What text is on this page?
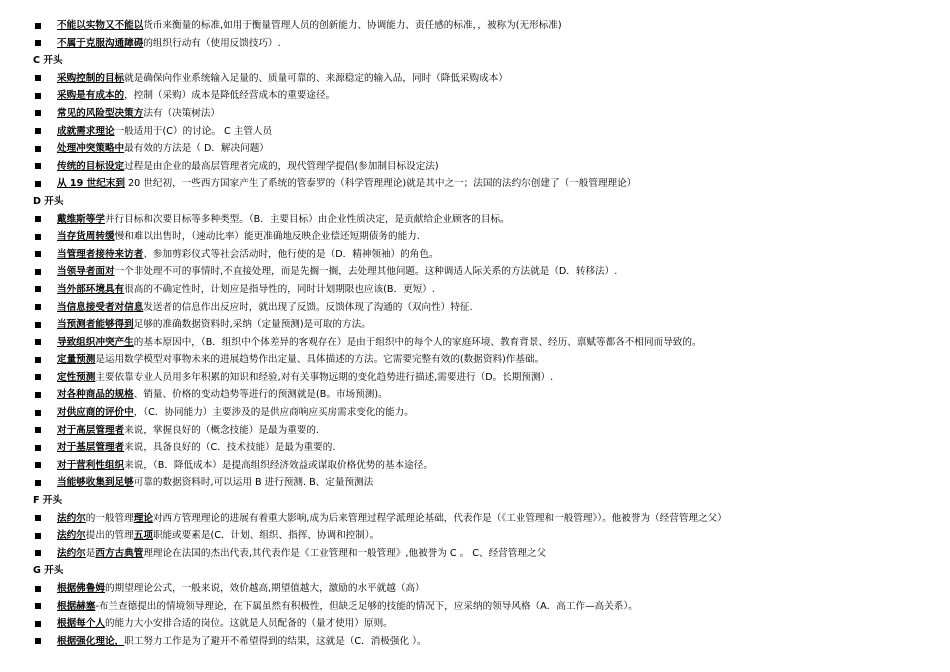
不能以实物又不能以货币来衡量的标准,如用于衡量管理人员的创新能力、协调能力、责任感的标准，，被称为(无形标准)
不属于克服沟通障碍的组织行动有（使用反馈技巧）.
C 开头
采购控制的目标就是确保向作业系统输入足量的、质量可靠的、来源稳定的输入品，同时（降低采购成本）
采购是有成本的，控制（采购）成本是降低经营成本的重要途径。
常见的风险型决策方法有（决策树法）
成就需求理论一般适用于(C）的讨论。 C 主管人员
处理冲突策略中最有效的方法是（ D．解决问题）
传统的目标设定过程是由企业的最高层管理者完成的，现代管理学提倡(参加制目标设定法)
从 19 世纪末到 20 世纪初，一些西方国家产生了系统的管泰罗的（科学管理理论)就是其中之一；法国的法约尔创建了（一般管理理论）
D 开头
戴维斯等学并行目标和次要目标等多种类型。（B．主要目标）由企业性质决定，是贡献给企业顾客的目标。
当存货周转缓慢和难以出售时，（速动比率）能更准确地反映企业偿还短期债务的能力.
当管理者接待来访者、参加剪彩仪式等社会活动时，他行使的是（D．精神领袖）的角色。
当领导者面对一个非处理不可的事情时,不直接处理，而是先搁一搁，去处理其他问题。这种调适人际关系的方法就是（D．转移法）.
当外部环境具有很高的不确定性时，计划应是指导性的，同时计划期限也应该(B．更短）.
当信息接受者对信息发送者的信息作出反应时，就出现了反馈。反馈体现了沟通的（双向性）特征.
当预测者能够得到足够的准确数据资料时,采纳（定量预测)是可取的方法。
导致组织冲突产生的基本原因中，（B．组织中个体差异的客观存在）是由于组织中的每个人的家庭环境、教育背景、经历、禀赋等都各不相同而导致的。
定量预测是运用数学模型对事物未来的进展趋势作出定量、具体描述的方法。它需要完整有效的(数据资料)作基础。
定性预测主要依靠专业人员用多年积累的知识和经验,对有关事物远期的变化趋势进行描述,需要进行（D。长期预测）.
对各种商品的规格、销量、价格的变动趋势等进行的预测就是(B。市场预测)。
对供应商的评价中，（C．协同能力）主要涉及的是供应商响应买房需求变化的能力。
对于高层管理者来说，掌握良好的（概念技能）是最为重要的.
对于基层管理者来说，具备良好的（C．技术技能）是最为重要的.
对于营利性组织来说，（B．降低成本）是提高组织经济效益或谋取价格优势的基本途径。
当能够收集到足够可靠的数据资料时,可以运用 B 进行预测. B、定量预测法
F 开头
法约尔的一般管理理论对西方管理理论的进展有着重大影响,成为后来管理过程学派理论基础，代表作是（《工业管理和一般管理》）。他被誉为（经营管理之父）
法约尔提出的管理五项职能或要素是(C．计划、组织、指挥、协调和控制）。
法约尔是西方古典管理理论在法国的杰出代表,其代表作是《工业管理和一般管理》,他被誉为 C 。 C、经营管理之父
G 开头
根据佛鲁姆的期望理论公式，一般来说，效价越高,期望值越大，激励的水平就越（高）
根据赫塞-布兰查德提出的情境领导理论，在下属虽然有积极性，但缺乏足够的技能的情况下，应采纳的领导风格（A．高工作—高关系）。
根据每个人的能力大小安排合适的岗位。这就是人员配备的（量才使用）原则。
根据强化理论，职工努力工作是为了避开不希望得到的结果，这就是（C．消极强化 ）。
